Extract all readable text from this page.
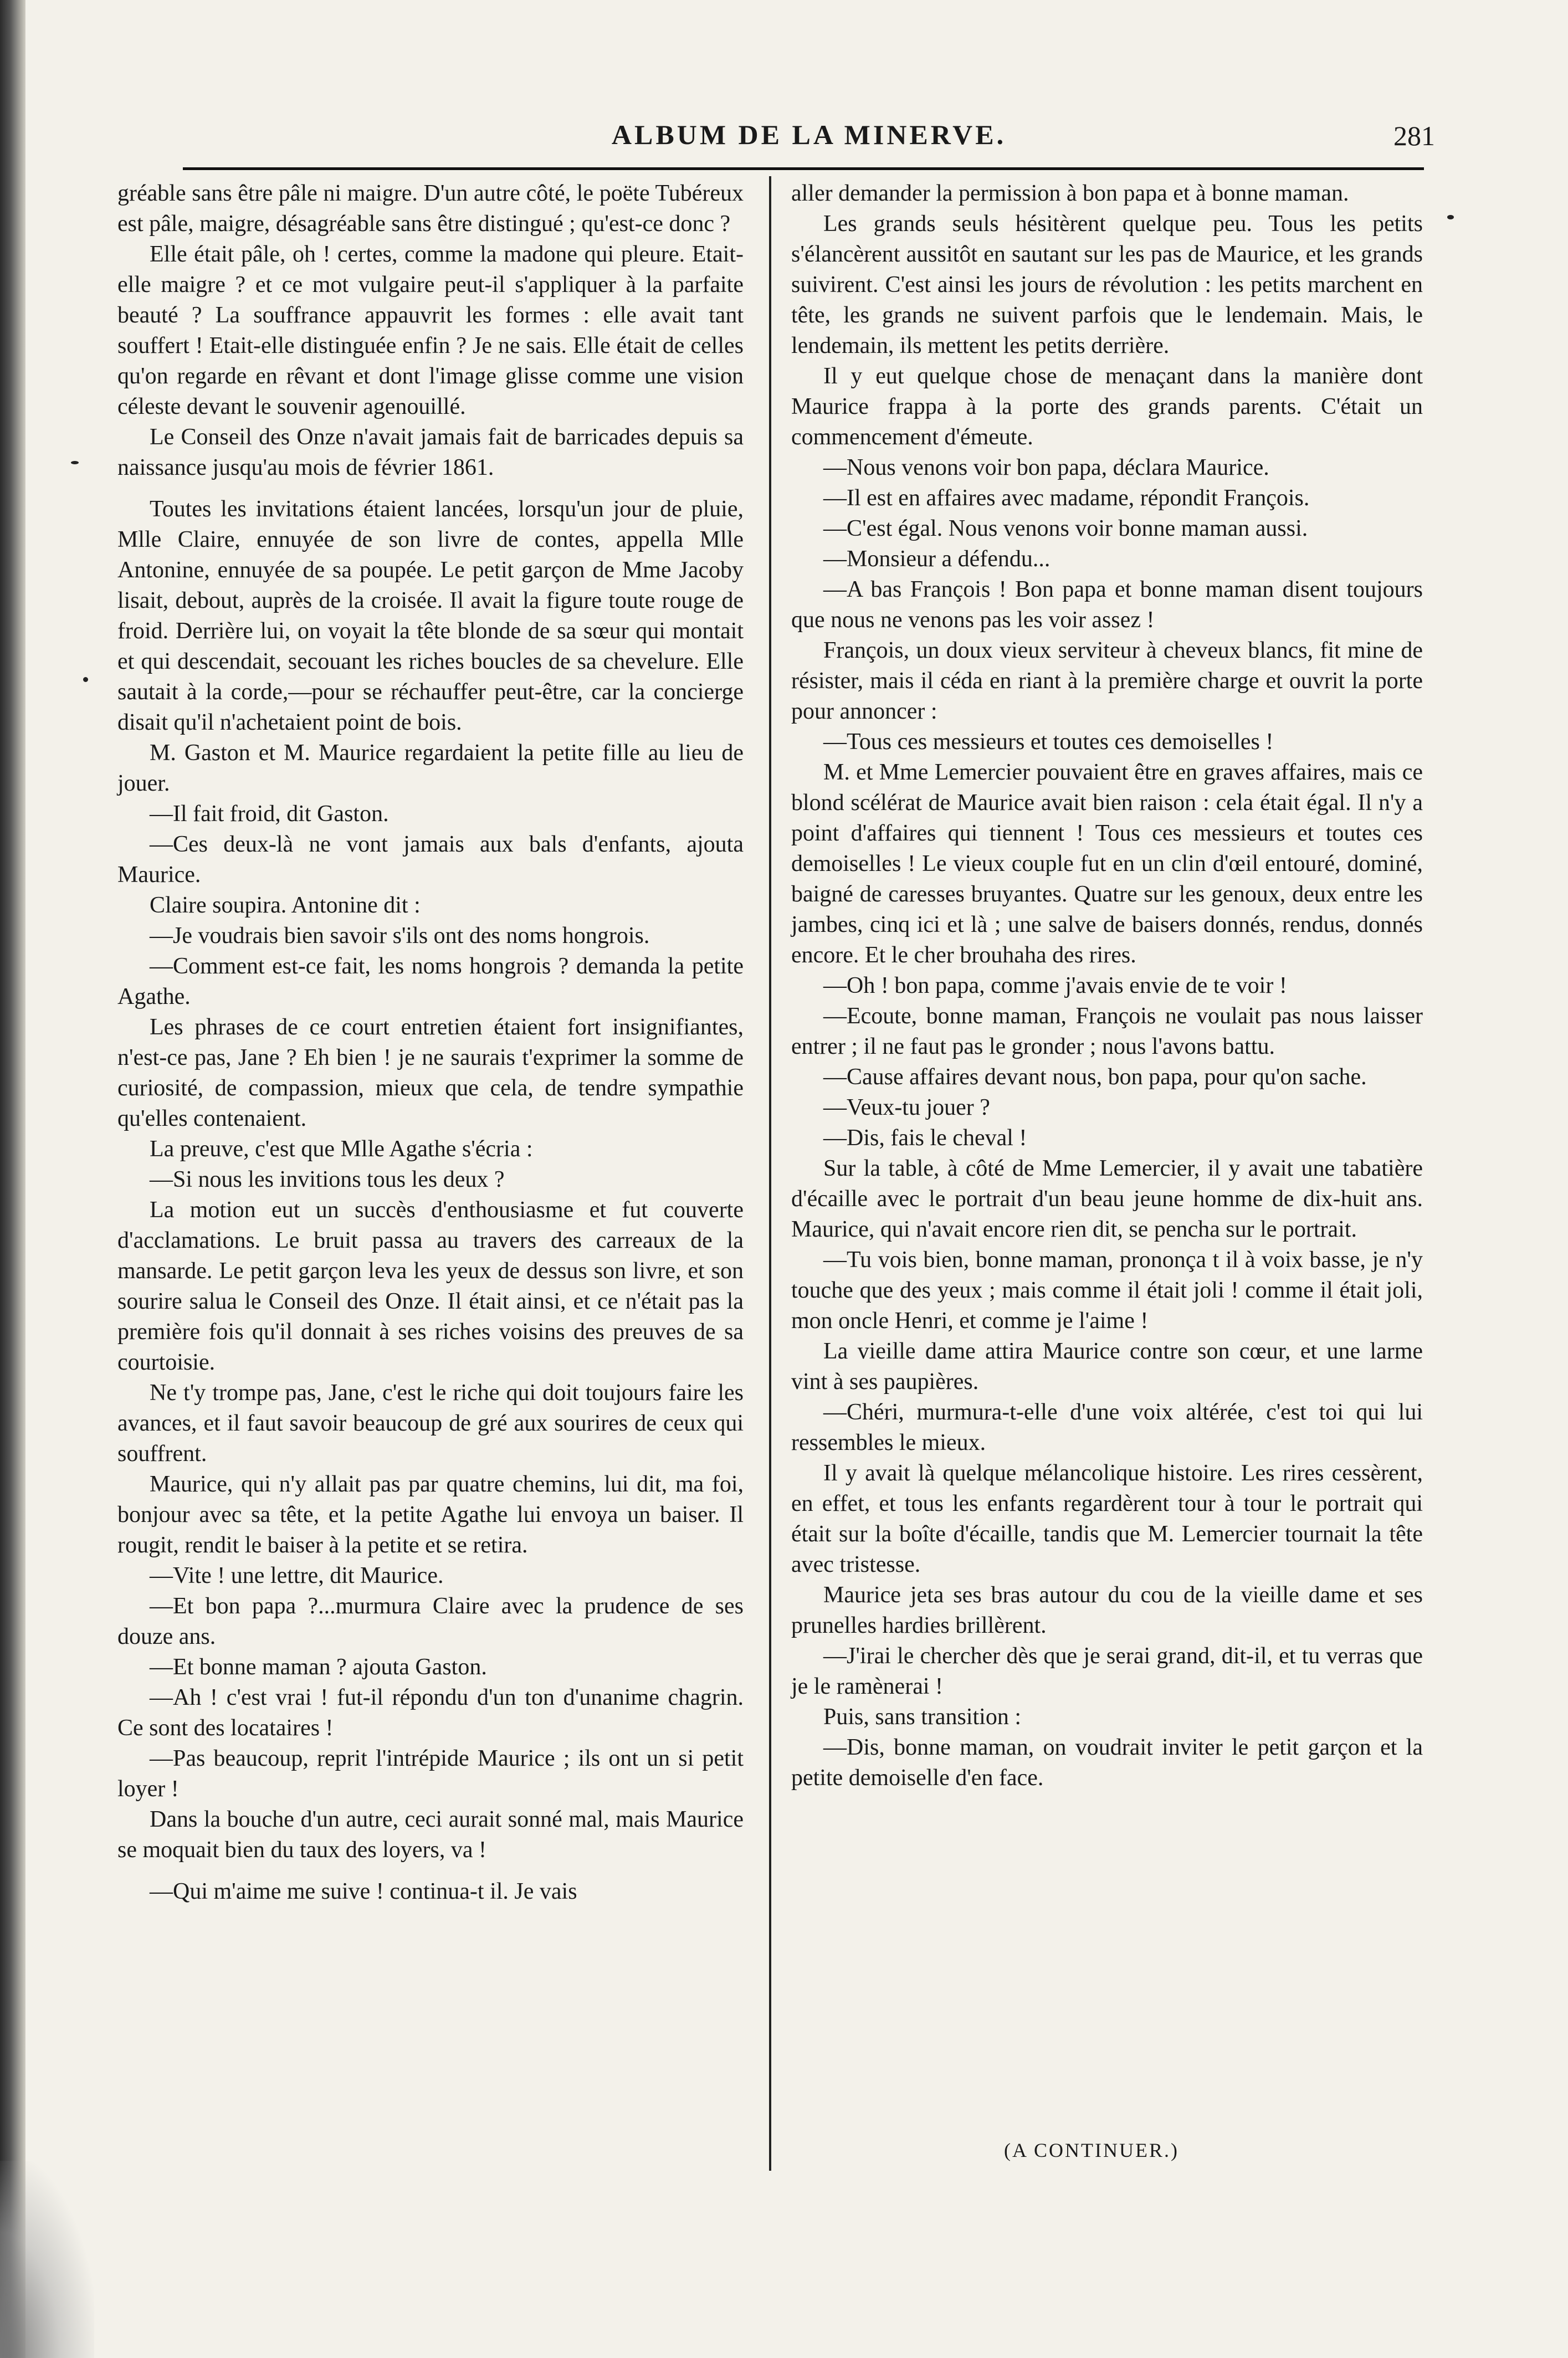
ALBUM DE LA MINERVE.	281

gréable sans être pâle ni maigre. D'un autre côté, le poëte Tubéreux est pâle, maigre, désagréable sans être distingué ; qu'est-ce donc ?

Elle était pâle, oh ! certes, comme la madone qui pleure. Etait-elle maigre ? et ce mot vulgaire peut-il s'appliquer à la parfaite beauté ? La souffrance appauvrit les formes : elle avait tant souffert ! Etait-elle distinguée enfin ? Je ne sais. Elle était de celles qu'on regarde en rêvant et dont l'image glisse comme une vision céleste devant le souvenir agenouillé.

Le Conseil des Onze n'avait jamais fait de barricades depuis sa naissance jusqu'au mois de février 1861.

Toutes les invitations étaient lancées, lorsqu'un jour de pluie, Mlle Claire, ennuyée de son livre de contes, appella Mlle Antonine, ennuyée de sa poupée. Le petit garçon de Mme Jacoby lisait, debout, auprès de la croisée. Il avait la figure toute rouge de froid. Derrière lui, on voyait la tête blonde de sa sœur qui montait et qui descendait, secouant les riches boucles de sa chevelure. Elle sautait à la corde,—pour se réchauffer peut-être, car la concierge disait qu'il n'achetaient point de bois.

M. Gaston et M. Maurice regardaient la petite fille au lieu de jouer.

—Il fait froid, dit Gaston.

—Ces deux-là ne vont jamais aux bals d'enfants, ajouta Maurice.

Claire soupira. Antonine dit :

—Je voudrais bien savoir s'ils ont des noms hongrois.

—Comment est-ce fait, les noms hongrois ? demanda la petite Agathe.

Les phrases de ce court entretien étaient fort insignifiantes, n'est-ce pas, Jane ? Eh bien ! je ne saurais t'exprimer la somme de curiosité, de compassion, mieux que cela, de tendre sympathie qu'elles contenaient.

La preuve, c'est que Mlle Agathe s'écria :

—Si nous les invitions tous les deux ?

La motion eut un succès d'enthousiasme et fut couverte d'acclamations. Le bruit passa au travers des carreaux de la mansarde. Le petit garçon leva les yeux de dessus son livre, et son sourire salua le Conseil des Onze. Il était ainsi, et ce n'était pas la première fois qu'il donnait à ses riches voisins des preuves de sa courtoisie.

Ne t'y trompe pas, Jane, c'est le riche qui doit toujours faire les avances, et il faut savoir beaucoup de gré aux sourires de ceux qui souffrent.

Maurice, qui n'y allait pas par quatre chemins, lui dit, ma foi, bonjour avec sa tête, et la petite Agathe lui envoya un baiser. Il rougit, rendit le baiser à la petite et se retira.

—Vite ! une lettre, dit Maurice.

—Et bon papa ?...murmura Claire avec la prudence de ses douze ans.

—Et bonne maman ? ajouta Gaston.

—Ah ! c'est vrai ! fut-il répondu d'un ton d'unanime chagrin. Ce sont des locataires !

—Pas beaucoup, reprit l'intrépide Maurice ; ils ont un si petit loyer !

Dans la bouche d'un autre, ceci aurait sonné mal, mais Maurice se moquait bien du taux des loyers, va !

—Qui m'aime me suive ! continua-t il. Je vais

aller demander la permission à bon papa et à bonne maman.

Les grands seuls hésitèrent quelque peu. Tous les petits s'élancèrent aussitôt en sautant sur les pas de Maurice, et les grands suivirent. C'est ainsi les jours de révolution : les petits marchent en tête, les grands ne suivent parfois que le lendemain. Mais, le lendemain, ils mettent les petits derrière.

Il y eut quelque chose de menaçant dans la manière dont Maurice frappa à la porte des grands parents. C'était un commencement d'émeute.

—Nous venons voir bon papa, déclara Maurice.

—Il est en affaires avec madame, répondit François.

—C'est égal. Nous venons voir bonne maman aussi.

—Monsieur a défendu...

—A bas François ! Bon papa et bonne maman disent toujours que nous ne venons pas les voir assez !

François, un doux vieux serviteur à cheveux blancs, fit mine de résister, mais il céda en riant à la première charge et ouvrit la porte pour annoncer :

—Tous ces messieurs et toutes ces demoiselles !

M. et Mme Lemercier pouvaient être en graves affaires, mais ce blond scélérat de Maurice avait bien raison : cela était égal. Il n'y a point d'affaires qui tiennent ! Tous ces messieurs et toutes ces demoiselles ! Le vieux couple fut en un clin d'œil entouré, dominé, baigné de caresses bruyantes. Quatre sur les genoux, deux entre les jambes, cinq ici et là ; une salve de baisers donnés, rendus, donnés encore. Et le cher brouhaha des rires.

—Oh ! bon papa, comme j'avais envie de te voir !

—Ecoute, bonne maman, François ne voulait pas nous laisser entrer ; il ne faut pas le gronder ; nous l'avons battu.

—Cause affaires devant nous, bon papa, pour qu'on sache.

—Veux-tu jouer ?

—Dis, fais le cheval !

Sur la table, à côté de Mme Lemercier, il y avait une tabatière d'écaille avec le portrait d'un beau jeune homme de dix-huit ans. Maurice, qui n'avait encore rien dit, se pencha sur le portrait.

—Tu vois bien, bonne maman, prononça t il à voix basse, je n'y touche que des yeux ; mais comme il était joli ! comme il était joli, mon oncle Henri, et comme je l'aime !

La vieille dame attira Maurice contre son cœur, et une larme vint à ses paupières.

—Chéri, murmura-t-elle d'une voix altérée, c'est toi qui lui ressembles le mieux.

Il y avait là quelque mélancolique histoire. Les rires cessèrent, en effet, et tous les enfants regardèrent tour à tour le portrait qui était sur la boîte d'écaille, tandis que M. Lemercier tournait la tête avec tristesse.

Maurice jeta ses bras autour du cou de la vieille dame et ses prunelles hardies brillèrent.

—J'irai le chercher dès que je serai grand, dit-il, et tu verras que je le ramènerai !

Puis, sans transition :

—Dis, bonne maman, on voudrait inviter le petit garçon et la petite demoiselle d'en face.

(A CONTINUER.)
